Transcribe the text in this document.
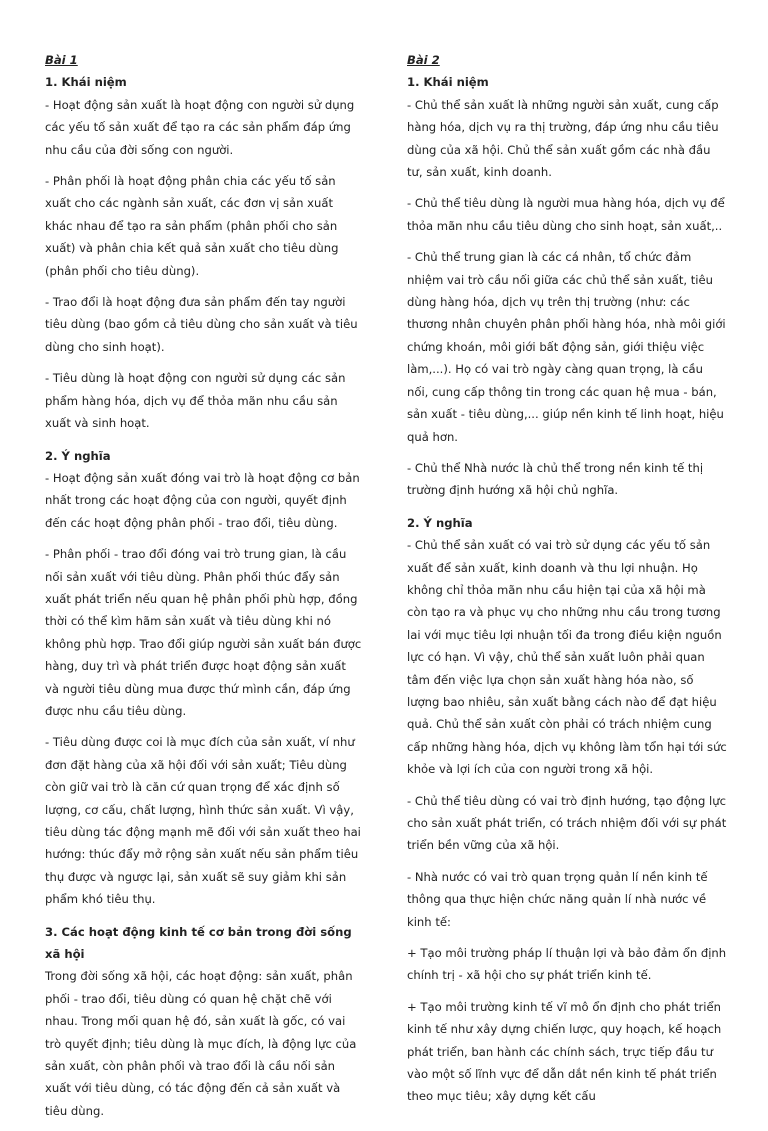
Bài 1

1. Khái niệm

- Hoạt động sản xuất là hoạt động con người sử dụng các yếu tố sản xuất để tạo ra các sản phẩm đáp ứng nhu cầu của đời sống con người.

- Phân phối là hoạt động phân chia các yếu tố sản xuất cho các ngành sản xuất, các đơn vị sản xuất khác nhau để tạo ra sản phẩm (phân phối cho sản xuất) và phân chia kết quả sản xuất cho tiêu dùng (phân phối cho tiêu dùng).

- Trao đổi là hoạt động đưa sản phẩm đến tay người tiêu dùng (bao gồm cả tiêu dùng cho sản xuất và tiêu dùng cho sinh hoạt).

- Tiêu dùng là hoạt động con người sử dụng các sản phẩm hàng hóa, dịch vụ để thỏa mãn nhu cầu sản xuất và sinh hoạt.

2. Ý nghĩa

- Hoạt động sản xuất đóng vai trò là hoạt động cơ bản nhất trong các hoạt động của con người, quyết định đến các hoạt động phân phối - trao đổi, tiêu dùng.

- Phân phối - trao đổi đóng vai trò trung gian, là cầu nối sản xuất với tiêu dùng. Phân phối thúc đẩy sản xuất phát triển nếu quan hệ phân phối phù hợp, đồng thời có thể kìm hãm sản xuất và tiêu dùng khi nó không phù hợp. Trao đổi giúp người sản xuất bán được hàng, duy trì và phát triển được hoạt động sản xuất và người tiêu dùng mua được thứ mình cần, đáp ứng được nhu cầu tiêu dùng.

- Tiêu dùng được coi là mục đích của sản xuất, ví như đơn đặt hàng của xã hội đối với sản xuất; Tiêu dùng còn giữ vai trò là căn cứ quan trọng để xác định số lượng, cơ cấu, chất lượng, hình thức sản xuất. Vì vậy, tiêu dùng tác động mạnh mẽ đối với sản xuất theo hai hướng: thúc đẩy mở rộng sản xuất nếu sản phẩm tiêu thụ được và ngược lại, sản xuất sẽ suy giảm khi sản phẩm khó tiêu thụ.

3. Các hoạt động kinh tế cơ bản trong đời sống xã hội

Trong đời sống xã hội, các hoạt động: sản xuất, phân phối - trao đổi, tiêu dùng có quan hệ chặt chẽ với nhau. Trong mối quan hệ đó, sản xuất là gốc, có vai trò quyết định; tiêu dùng là mục đích, là động lực của sản xuất, còn phân phối và trao đổi là cầu nối sản xuất với tiêu dùng, có tác động đến cả sản xuất và tiêu dùng.

Bài 2

1. Khái niệm

- Chủ thể sản xuất là những người sản xuất, cung cấp hàng hóa, dịch vụ ra thị trường, đáp ứng nhu cầu tiêu dùng của xã hội. Chủ thể sản xuất gồm các nhà đầu tư, sản xuất, kinh doanh.

- Chủ thể tiêu dùng là người mua hàng hóa, dịch vụ để thỏa mãn nhu cầu tiêu dùng cho sinh hoạt, sản xuất,..

- Chủ thể trung gian là các cá nhân, tổ chức đảm nhiệm vai trò cầu nối giữa các chủ thể sản xuất, tiêu dùng hàng hóa, dịch vụ trên thị trường (như: các thương nhân chuyên phân phối hàng hóa, nhà môi giới chứng khoán, môi giới bất động sản, giới thiệu việc làm,...). Họ có vai trò ngày càng quan trọng, là cầu nối, cung cấp thông tin trong các quan hệ mua - bán, sản xuất - tiêu dùng,... giúp nền kinh tế linh hoạt, hiệu quả hơn.

- Chủ thể Nhà nước là chủ thể trong nền kinh tế thị trường định hướng xã hội chủ nghĩa.

2. Ý nghĩa

- Chủ thể sản xuất có vai trò sử dụng các yếu tố sản xuất để sản xuất, kinh doanh và thu lợi nhuận. Họ không chỉ thỏa mãn nhu cầu hiện tại của xã hội mà còn tạo ra và phục vụ cho những nhu cầu trong tương lai với mục tiêu lợi nhuận tối đa trong điều kiện nguồn lực có hạn. Vì vậy, chủ thể sản xuất luôn phải quan tâm đến việc lựa chọn sản xuất hàng hóa nào, số lượng bao nhiêu, sản xuất bằng cách nào để đạt hiệu quả. Chủ thể sản xuất còn phải có trách nhiệm cung cấp những hàng hóa, dịch vụ không làm tổn hại tới sức khỏe và lợi ích của con người trong xã hội.

- Chủ thể tiêu dùng có vai trò định hướng, tạo động lực cho sản xuất phát triển, có trách nhiệm đối với sự phát triển bền vững của xã hội.

- Nhà nước có vai trò quan trọng quản lí nền kinh tế thông qua thực hiện chức năng quản lí nhà nước về kinh tế:

+ Tạo môi trường pháp lí thuận lợi và bảo đảm ổn định chính trị - xã hội cho sự phát triển kinh tế.

+ Tạo môi trường kinh tế vĩ mô ổn định cho phát triển kinh tế như xây dựng chiến lược, quy hoạch, kế hoạch phát triển, ban hành các chính sách, trực tiếp đầu tư vào một số lĩnh vực để dẫn dắt nền kinh tế phát triển theo mục tiêu; xây dựng kết cấu
